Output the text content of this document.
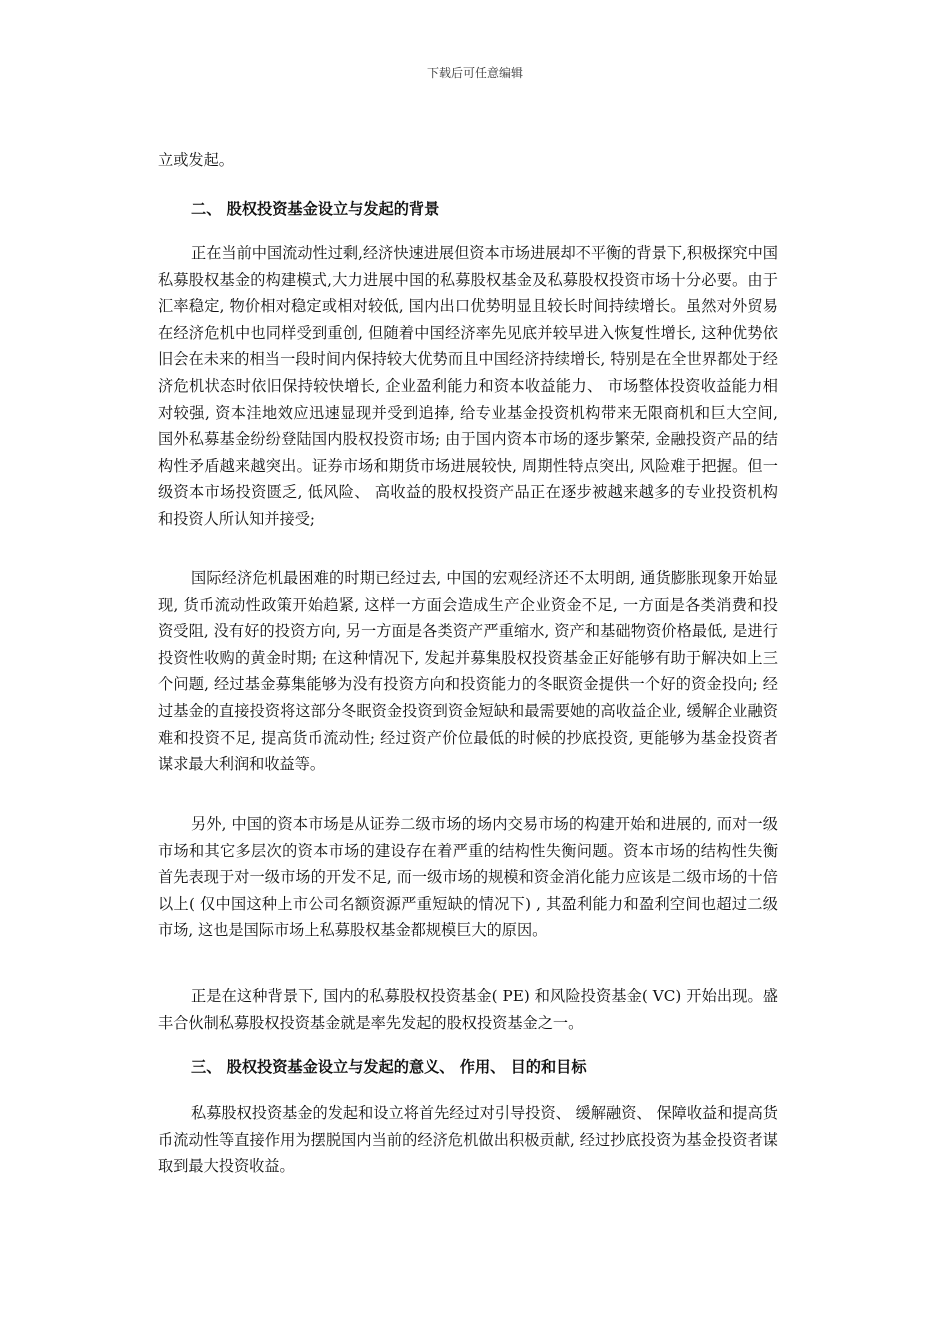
下载后可任意编辑

立或发起。

二、 股权投资基金设立与发起的背景

正在当前中国流动性过剩,经济快速进展但资本市场进展却不平衡的背景下,积极探究中国私募股权基金的构建模式,大力进展中国的私募股权基金及私募股权投资市场十分必要。由于汇率稳定, 物价相对稳定或相对较低, 国内出口优势明显且较长时间持续增长。虽然对外贸易在经济危机中也同样受到重创, 但随着中国经济率先见底并较早进入恢复性增长, 这种优势依旧会在未来的相当一段时间内保持较大优势而且中国经济持续增长, 特别是在全世界都处于经济危机状态时依旧保持较快增长, 企业盈利能力和资本收益能力、 市场整体投资收益能力相对较强, 资本洼地效应迅速显现并受到追捧, 给专业基金投资机构带来无限商机和巨大空间, 国外私募基金纷纷登陆国内股权投资市场; 由于国内资本市场的逐步繁荣, 金融投资产品的结构性矛盾越来越突出。证券市场和期货市场进展较快, 周期性特点突出, 风险难于把握。但一级资本市场投资匮乏, 低风险、 高收益的股权投资产品正在逐步被越来越多的专业投资机构和投资人所认知并接受;

国际经济危机最困难的时期已经过去, 中国的宏观经济还不太明朗, 通货膨胀现象开始显现, 货币流动性政策开始趋紧, 这样一方面会造成生产企业资金不足, 一方面是各类消费和投资受阻, 没有好的投资方向, 另一方面是各类资产严重缩水, 资产和基础物资价格最低, 是进行投资性收购的黄金时期; 在这种情况下, 发起并募集股权投资基金正好能够有助于解决如上三个问题, 经过基金募集能够为没有投资方向和投资能力的冬眠资金提供一个好的资金投向; 经过基金的直接投资将这部分冬眠资金投资到资金短缺和最需要她的高收益企业, 缓解企业融资难和投资不足, 提高货币流动性; 经过资产价位最低的时候的抄底投资, 更能够为基金投资者谋求最大利润和收益等。

另外, 中国的资本市场是从证券二级市场的场内交易市场的构建开始和进展的, 而对一级市场和其它多层次的资本市场的建设存在着严重的结构性失衡问题。资本市场的结构性失衡首先表现于对一级市场的开发不足, 而一级市场的规模和资金消化能力应该是二级市场的十倍以上( 仅中国这种上市公司名额资源严重短缺的情况下) , 其盈利能力和盈利空间也超过二级市场, 这也是国际市场上私募股权基金都规模巨大的原因。

正是在这种背景下, 国内的私募股权投资基金( PE) 和风险投资基金( VC) 开始出现。盛丰合伙制私募股权投资基金就是率先发起的股权投资基金之一。

三、 股权投资基金设立与发起的意义、 作用、 目的和目标

私募股权投资基金的发起和设立将首先经过对引导投资、 缓解融资、 保障收益和提高货币流动性等直接作用为摆脱国内当前的经济危机做出积极贡献, 经过抄底投资为基金投资者谋取到最大投资收益。
